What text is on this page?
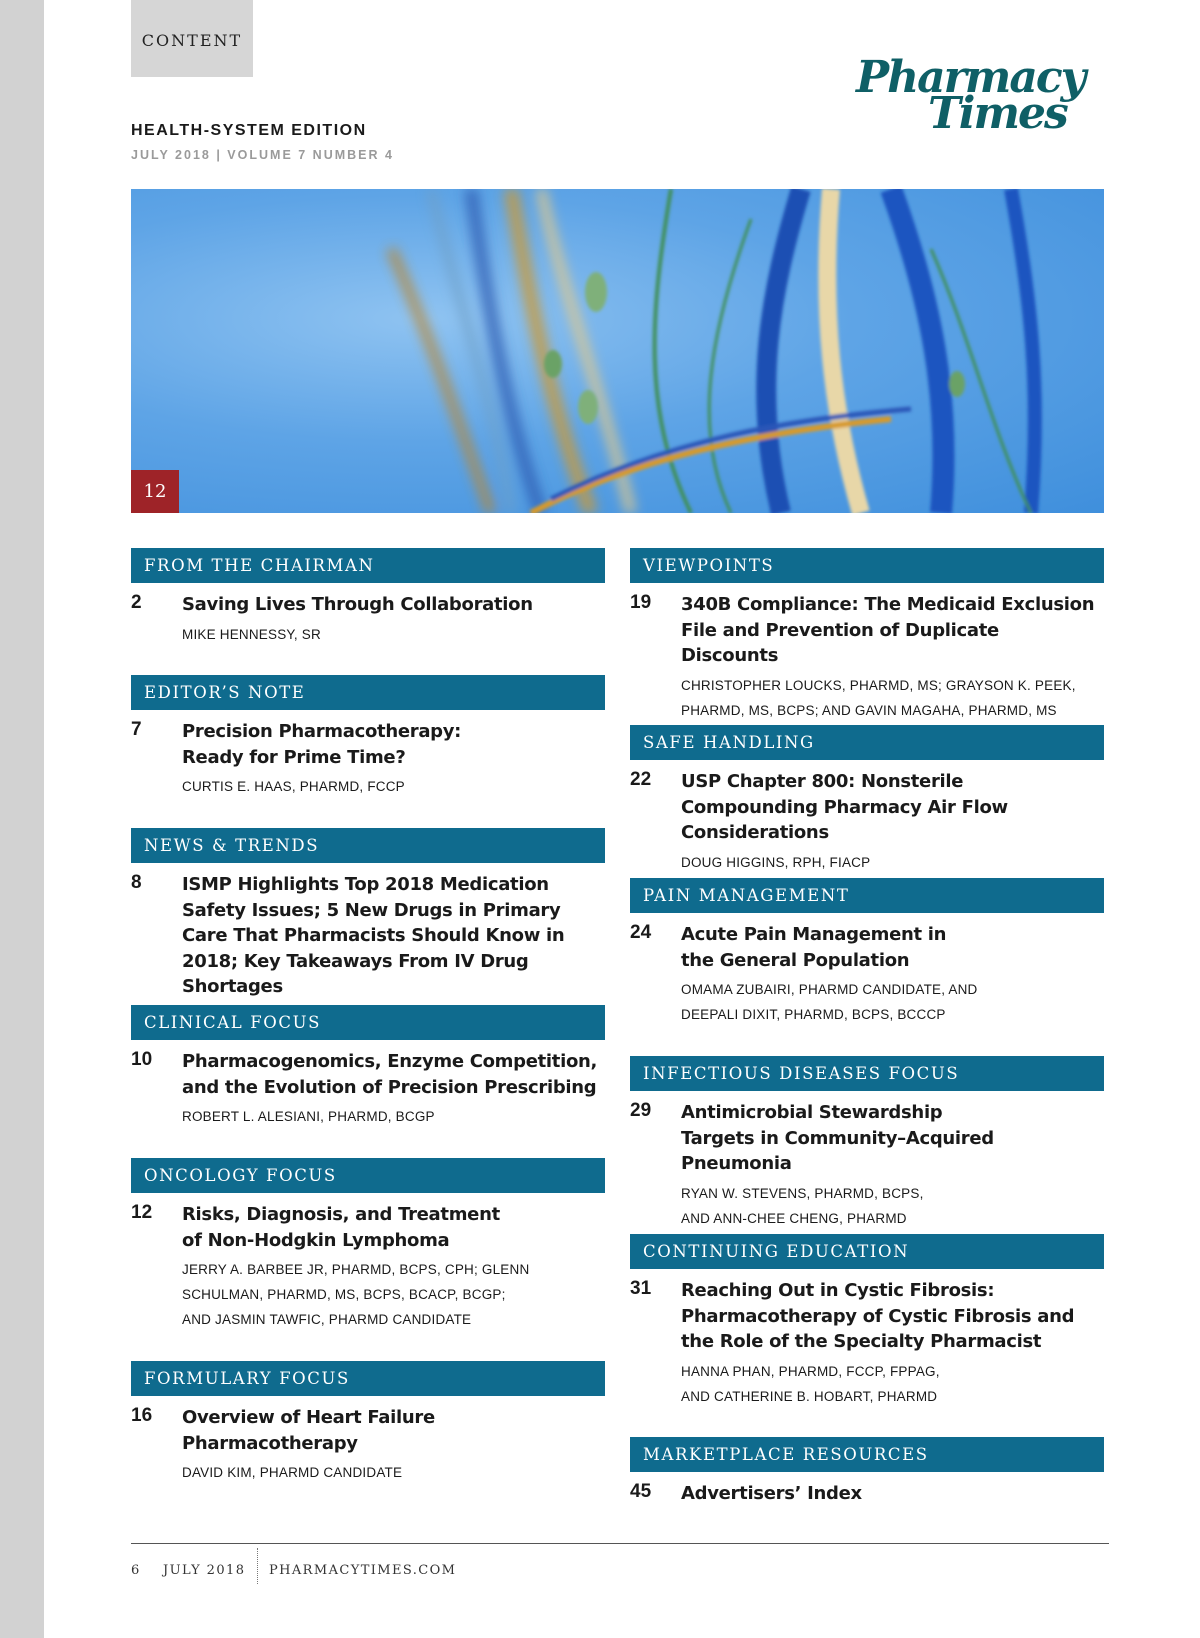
CONTENT
Pharmacy
Times
HEALTH-SYSTEM EDITION
JULY 2018 | VOLUME 7 NUMBER 4
12
FROM THE CHAIRMAN
2 Saving Lives Through Collaboration
MIKE HENNESSY, SR
EDITOR’S NOTE
7 Precision Pharmacotherapy: Ready for Prime Time?
CURTIS E. HAAS, PHARMD, FCCP
NEWS & TRENDS
8 ISMP Highlights Top 2018 Medication Safety Issues; 5 New Drugs in Primary Care That Pharmacists Should Know in 2018; Key Takeaways From IV Drug Shortages
CLINICAL FOCUS
10 Pharmacogenomics, Enzyme Competition, and the Evolution of Precision Prescribing
ROBERT L. ALESIANI, PHARMD, BCGP
ONCOLOGY FOCUS
12 Risks, Diagnosis, and Treatment of Non-Hodgkin Lymphoma
JERRY A. BARBEE JR, PHARMD, BCPS, CPH; GLENN SCHULMAN, PHARMD, MS, BCPS, BCACP, BCGP; AND JASMIN TAWFIC, PHARMD CANDIDATE
FORMULARY FOCUS
16 Overview of Heart Failure Pharmacotherapy
DAVID KIM, PHARMD CANDIDATE
VIEWPOINTS
19 340B Compliance: The Medicaid Exclusion File and Prevention of Duplicate Discounts
CHRISTOPHER LOUCKS, PHARMD, MS; GRAYSON K. PEEK, PHARMD, MS, BCPS; AND GAVIN MAGAHA, PHARMD, MS
SAFE HANDLING
22 USP Chapter 800: Nonsterile Compounding Pharmacy Air Flow Considerations
DOUG HIGGINS, RPH, FIACP
PAIN MANAGEMENT
24 Acute Pain Management in the General Population
OMAMA ZUBAIRI, PHARMD CANDIDATE, AND DEEPALI DIXIT, PHARMD, BCPS, BCCCP
INFECTIOUS DISEASES FOCUS
29 Antimicrobial Stewardship Targets in Community–Acquired Pneumonia
RYAN W. STEVENS, PHARMD, BCPS, AND ANN-CHEE CHENG, PHARMD
CONTINUING EDUCATION
31 Reaching Out in Cystic Fibrosis: Pharmacotherapy of Cystic Fibrosis and the Role of the Specialty Pharmacist
HANNA PHAN, PHARMD, FCCP, FPPAG, AND CATHERINE B. HOBART, PHARMD
MARKETPLACE RESOURCES
45 Advertisers’ Index
6 JULY 2018 PHARMACYTIMES.COM
